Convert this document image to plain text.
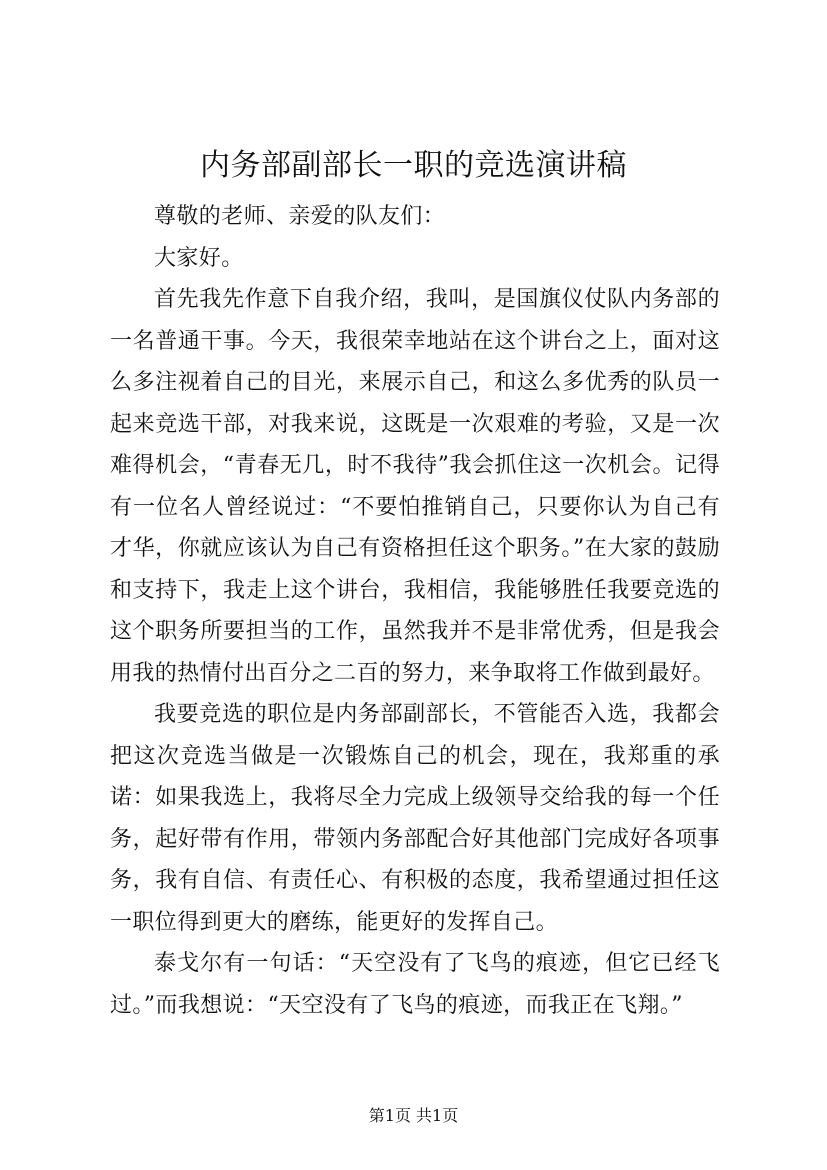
内务部副部长一职的竞选演讲稿

尊敬的老师、亲爱的队友们：

大家好。

首先我先作意下自我介绍，我叫，是国旗仪仗队内务部的一名普通干事。今天，我很荣幸地站在这个讲台之上，面对这么多注视着自己的目光，来展示自己，和这么多优秀的队员一起来竞选干部，对我来说，这既是一次艰难的考验，又是一次难得机会，“青春无几，时不我待”我会抓住这一次机会。记得有一位名人曾经说过：“不要怕推销自己，只要你认为自己有才华，你就应该认为自己有资格担任这个职务。”在大家的鼓励和支持下，我走上这个讲台，我相信，我能够胜任我要竞选的这个职务所要担当的工作，虽然我并不是非常优秀，但是我会用我的热情付出百分之二百的努力，来争取将工作做到最好。

我要竞选的职位是内务部副部长，不管能否入选，我都会把这次竞选当做是一次锻炼自己的机会，现在，我郑重的承诺：如果我选上，我将尽全力完成上级领导交给我的每一个任务，起好带有作用，带领内务部配合好其他部门完成好各项事务，我有自信、有责任心、有积极的态度，我希望通过担任这一职位得到更大的磨练，能更好的发挥自己。

泰戈尔有一句话：“天空没有了飞鸟的痕迹，但它已经飞过。”而我想说：“天空没有了飞鸟的痕迹，而我正在飞翔。”

第1页 共1页
